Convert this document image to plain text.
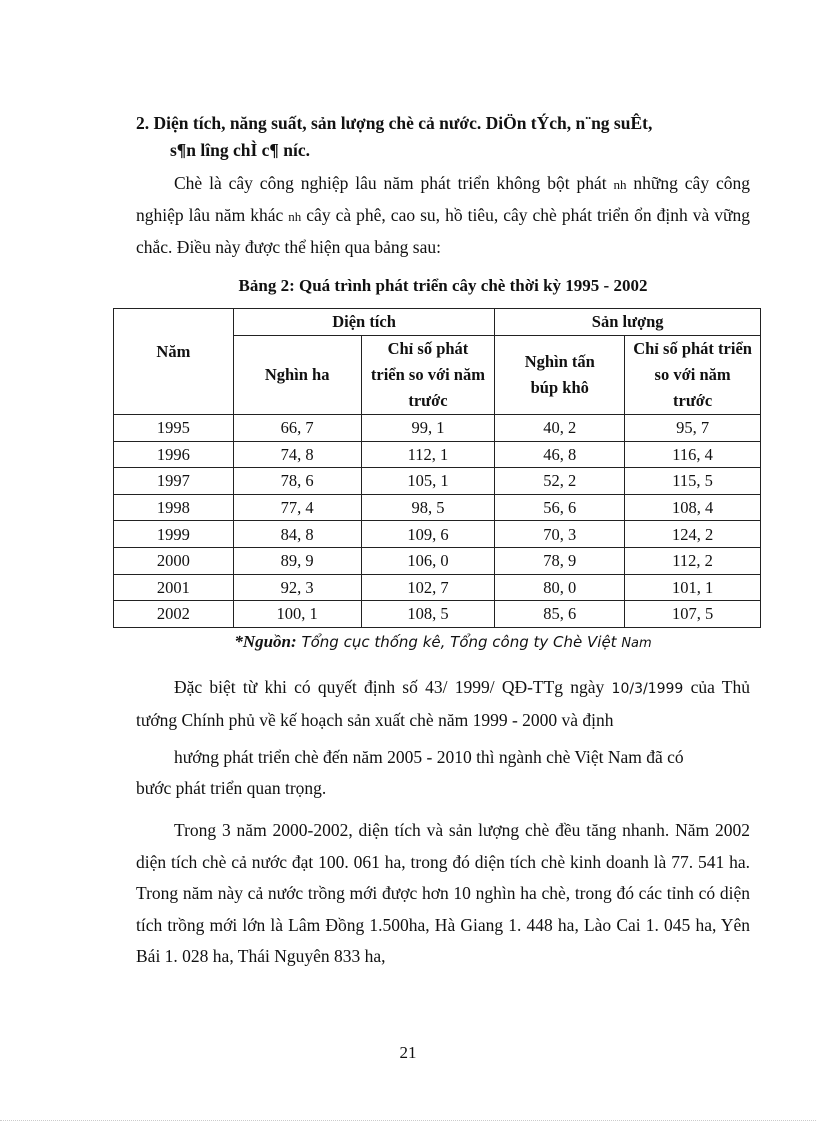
2. Diện tích, năng suất, sản lượng chè cả nước. DiÖn tÝch, n¨ng suÊt,
s¶n lîng chÌ c¶ níc.
Chè là cây công nghiệp lâu năm phát triển không bột phát nh những cây công nghiệp lâu năm khác nh cây cà phê, cao su, hồ tiêu, cây chè phát triển ổn định và vững chắc. Điều này được thể hiện qua bảng sau:
Bảng 2: Quá trình phát triển cây chè thời kỳ 1995 - 2002
Năm	Diện tích		Sản lượng	
	Nghìn ha	Chỉ số phát triển so với năm trước	Nghìn tấn búp khô	Chỉ số phát triển so với năm trước
1995	66, 7	99, 1	40, 2	95, 7
1996	74, 8	112, 1	46, 8	116, 4
1997	78, 6	105, 1	52, 2	115, 5
1998	77, 4	98, 5	56, 6	108, 4
1999	84, 8	109, 6	70, 3	124, 2
2000	89, 9	106, 0	78, 9	112, 2
2001	92, 3	102, 7	80, 0	101, 1
2002	100, 1	108, 5	85, 6	107, 5
*Nguồn: Tổng cục thống kê, Tổng công ty Chè Việt Nam
Đặc biệt từ khi có quyết định số 43/ 1999/ QĐ-TTg ngày 10/3/1999 của Thủ tướng Chính phủ về kế hoạch sản xuất chè năm 1999 - 2000 và định
hướng phát triển chè đến năm 2005 - 2010 thì ngành chè Việt Nam đã có
bước phát triển quan trọng.
Trong 3 năm 2000-2002, diện tích và sản lượng chè đều tăng nhanh. Năm 2002 diện tích chè cả nước đạt 100. 061 ha, trong đó diện tích chè kinh doanh là 77. 541 ha. Trong năm này cả nước trồng mới được hơn 10 nghìn ha chè, trong đó các tỉnh có diện tích trồng mới lớn là Lâm Đồng 1.500ha, Hà Giang 1. 448 ha, Lào Cai 1. 045 ha, Yên Bái 1. 028 ha, Thái Nguyên 833 ha,
21
